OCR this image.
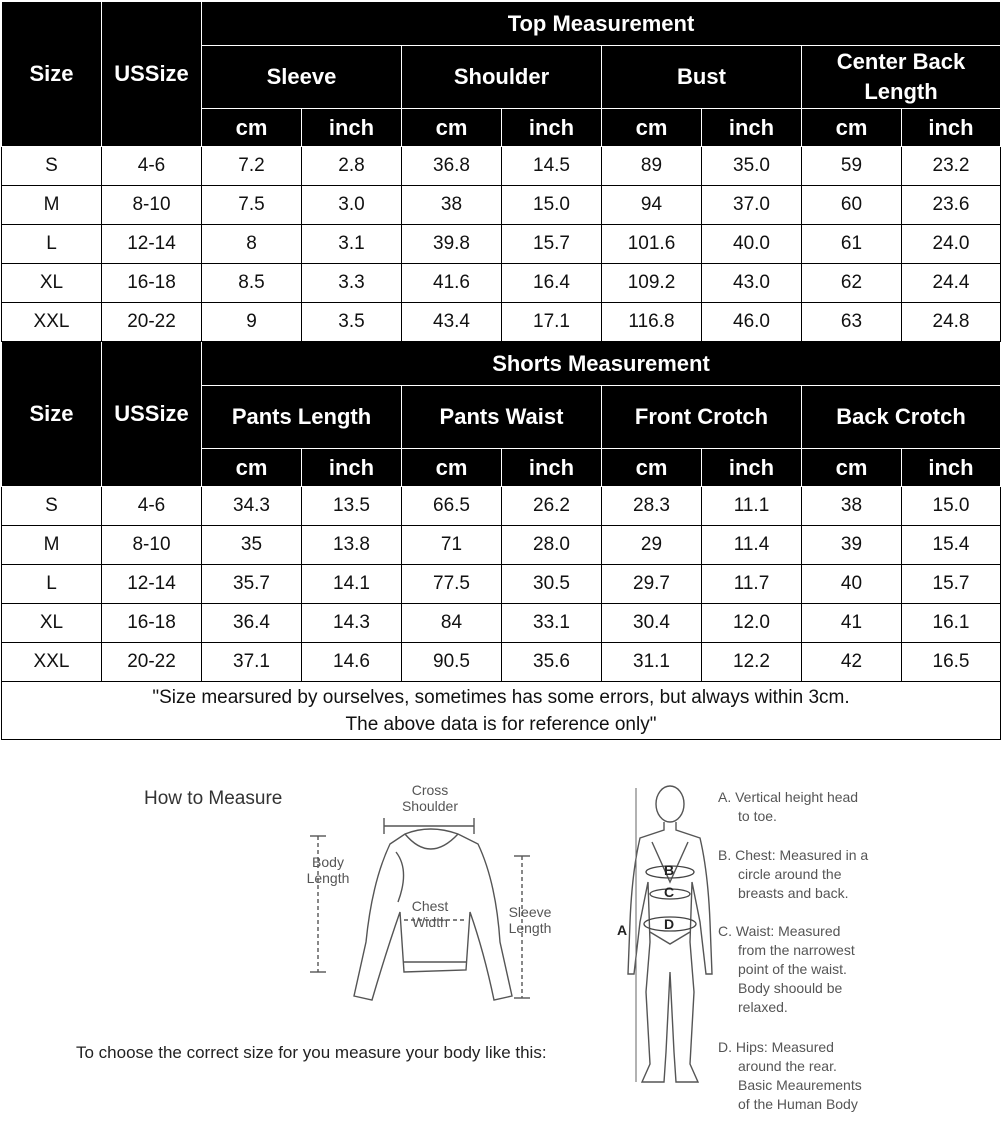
Size	USSize	Top Measurement							
		Sleeve		Shoulder		Bust		Center Back
Length	

		cm	inch	cm	inch	cm	inch	cm	inch
S	4-6	7.2	2.8	36.8	14.5	89	35.0	59	23.2
M	8-10	7.5	3.0	38	15.0	94	37.0	60	23.6
L	12-14	8	3.1	39.8	15.7	101.6	40.0	61	24.0
XL	16-18	8.5	3.3	41.6	16.4	109.2	43.0	62	24.4
XXL	20-22	9	3.5	43.4	17.1	116.8	46.0	63	24.8
Size	USSize	Shorts Measurement							
		Pants Length		Pants Waist		Front Crotch		Back Crotch	
		cm	inch	cm	inch	cm	inch	cm	inch
S	4-6	34.3	13.5	66.5	26.2	28.3	11.1	38	15.0
M	8-10	35	13.8	71	28.0	29	11.4	39	15.4
L	12-14	35.7	14.1	77.5	30.5	29.7	11.7	40	15.7
XL	16-18	36.4	14.3	84	33.1	30.4	12.0	41	16.1
XXL	20-22	37.1	14.6	90.5	35.6	31.1	12.2	42	16.5

"Size mearsured by ourselves, sometimes has some errors, but always within 3cm.
The above data is for reference only"									
How to Measure	Cross
Shoulder
Body
Length
Chest
Width
Sleeve
Length	A
B
C
D
A. Vertical height head
to toe.
B. Chest: Measured in a
circle around the
breasts and back.
C. Waist: Measured
from the narrowest
point of the waist.
Body shoould be
relaxed.
D. Hips: Measured
around the rear.
Basic Meaurements
of the Human Body
To choose the correct size for you measure your body like this:
